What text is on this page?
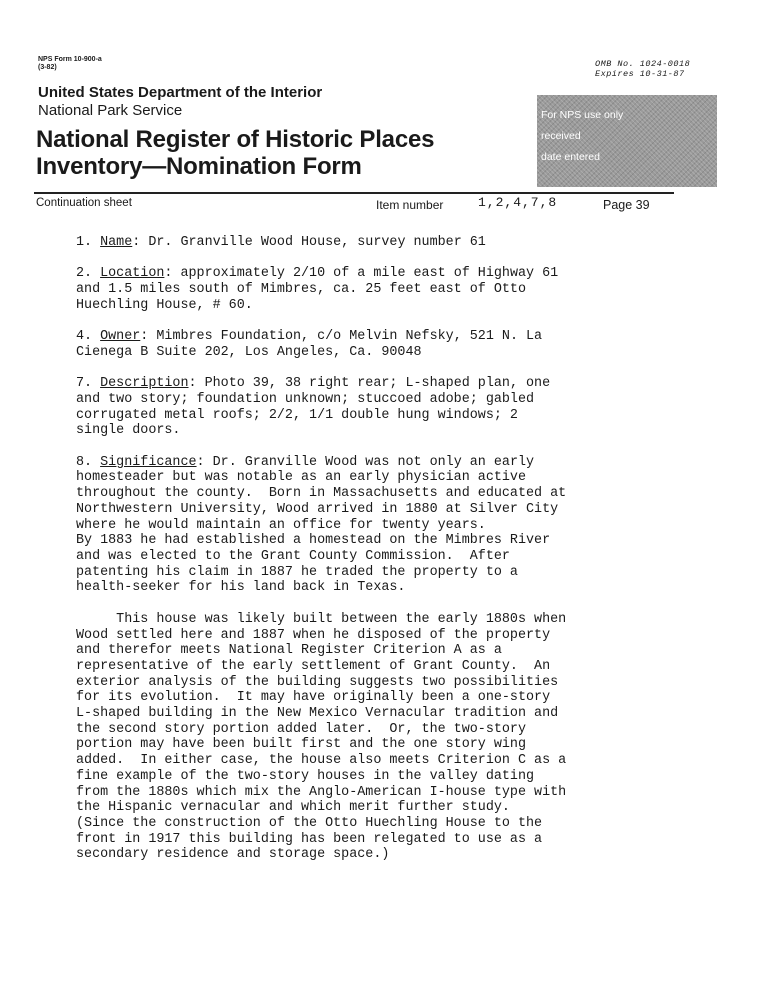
NPS Form 10-900-a
(3-82)	OMB No. 1024-0018
Expires 10-31-87
United States Department of the Interior
National Park Service
National Register of Historic Places
Inventory—Nomination Form
For NPS use only
received
date entered
Continuation sheet	Item number	1,2,4,7,8	Page 39

1. Name: Dr. Granville Wood House, survey number 61

2. Location: approximately 2/10 of a mile east of Highway 61
and 1.5 miles south of Mimbres, ca. 25 feet east of Otto
Huechling House, # 60.

4. Owner: Mimbres Foundation, c/o Melvin Nefsky, 521 N. La
Cienega B Suite 202, Los Angeles, Ca. 90048

7. Description: Photo 39, 38 right rear; L-shaped plan, one
and two story; foundation unknown; stuccoed adobe; gabled
corrugated metal roofs; 2/2, 1/1 double hung windows; 2
single doors.

8. Significance: Dr. Granville Wood was not only an early
homesteader but was notable as an early physician active
throughout the county.  Born in Massachusetts and educated at
Northwestern University, Wood arrived in 1880 at Silver City
where he would maintain an office for twenty years.
By 1883 he had established a homestead on the Mimbres River
and was elected to the Grant County Commission.  After
patenting his claim in 1887 he traded the property to a
health-seeker for his land back in Texas.

This house was likely built between the early 1880s when
Wood settled here and 1887 when he disposed of the property
and therefor meets National Register Criterion A as a
representative of the early settlement of Grant County.  An
exterior analysis of the building suggests two possibilities
for its evolution.  It may have originally been a one-story
L-shaped building in the New Mexico Vernacular tradition and
the second story portion added later.  Or, the two-story
portion may have been built first and the one story wing
added.  In either case, the house also meets Criterion C as a
fine example of the two-story houses in the valley dating
from the 1880s which mix the Anglo-American I-house type with
the Hispanic vernacular and which merit further study.
(Since the construction of the Otto Huechling House to the
front in 1917 this building has been relegated to use as a
secondary residence and storage space.)
